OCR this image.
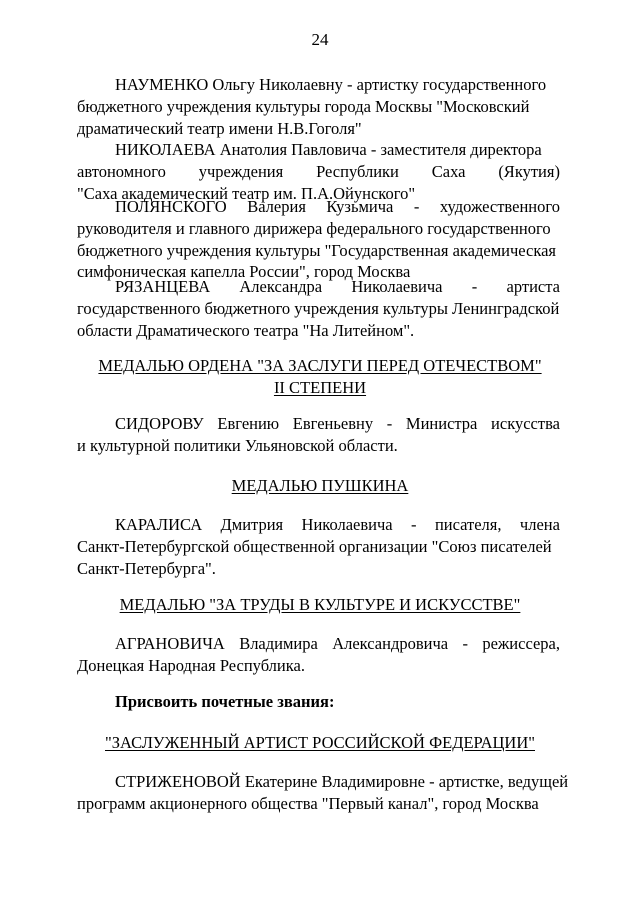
24
НАУМЕНКО Ольгу Николаевну - артистку государственного
бюджетного учреждения культуры города Москвы "Московский
драматический театр имени Н.В.Гоголя"
НИКОЛАЕВА Анатолия Павловича - заместителя директора
автономного учреждения Республики Саха (Якутия)
"Саха академический театр им. П.А.Ойунского"
ПОЛЯНСКОГО Валерия Кузьмича - художественного
руководителя и главного дирижера федерального государственного
бюджетного учреждения культуры "Государственная академическая
симфоническая капелла России", город Москва
РЯЗАНЦЕВА Александра Николаевича - артиста
государственного бюджетного учреждения культуры Ленинградской
области Драматического театра "На Литейном".
МЕДАЛЬЮ ОРДЕНА "ЗА ЗАСЛУГИ ПЕРЕД ОТЕЧЕСТВОМ"
II СТЕПЕНИ
СИДОРОВУ Евгению Евгеньевну - Министра искусства
и культурной политики Ульяновской области.
МЕДАЛЬЮ ПУШКИНА
КАРАЛИСА Дмитрия Николаевича - писателя, члена
Санкт-Петербургской общественной организации "Союз писателей
Санкт-Петербурга".
МЕДАЛЬЮ "ЗА ТРУДЫ В КУЛЬТУРЕ И ИСКУССТВЕ"
АГРАНОВИЧА Владимира Александровича - режиссера,
Донецкая Народная Республика.
Присвоить почетные звания:
"ЗАСЛУЖЕННЫЙ АРТИСТ РОССИЙСКОЙ ФЕДЕРАЦИИ"
СТРИЖЕНОВОЙ Екатерине Владимировне - артистке, ведущей
программ акционерного общества "Первый канал", город Москва
